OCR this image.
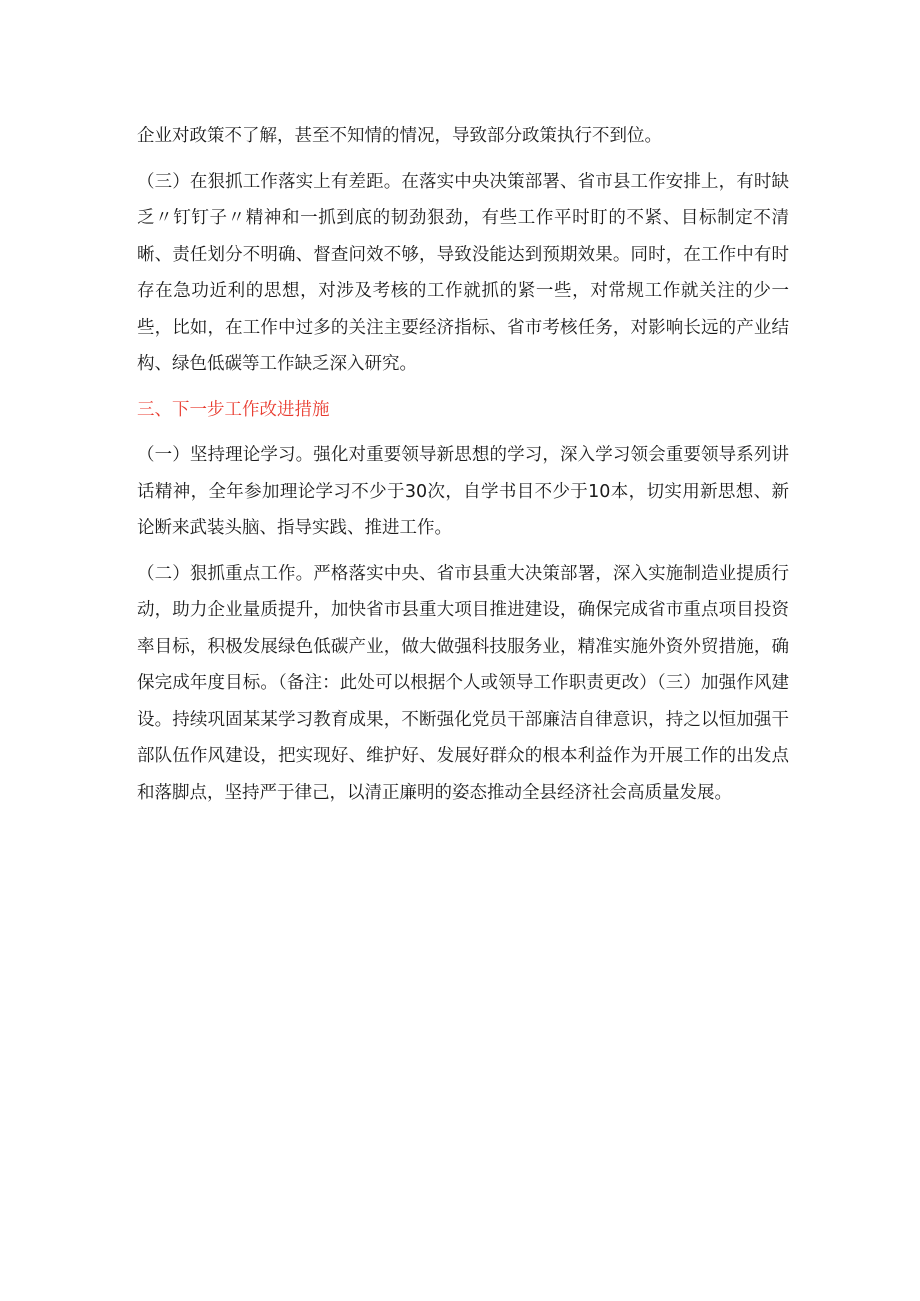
企业对政策不了解，甚至不知情的情况，导致部分政策执行不到位。

（三）在狠抓工作落实上有差距。在落实中央决策部署、省市县工作安排上，有时缺乏〃钉钉子〃精神和一抓到底的韧劲狠劲，有些工作平时盯的不紧、目标制定不清晰、责任划分不明确、督查问效不够，导致没能达到预期效果。同时，在工作中有时存在急功近利的思想，对涉及考核的工作就抓的紧一些，对常规工作就关注的少一些，比如，在工作中过多的关注主要经济指标、省市考核任务，对影响长远的产业结构、绿色低碳等工作缺乏深入研究。

三、下一步工作改进措施

（一）坚持理论学习。强化对重要领导新思想的学习，深入学习领会重要领导系列讲话精神，全年参加理论学习不少于30次，自学书目不少于10本，切实用新思想、新论断来武装头脑、指导实践、推进工作。

（二）狠抓重点工作。严格落实中央、省市县重大决策部署，深入实施制造业提质行动，助力企业量质提升，加快省市县重大项目推进建设，确保完成省市重点项目投资率目标，积极发展绿色低碳产业，做大做强科技服务业，精准实施外资外贸措施，确保完成年度目标。（备注：此处可以根据个人或领导工作职责更改）（三）加强作风建设。持续巩固某某学习教育成果，不断强化党员干部廉洁自律意识，持之以恒加强干部队伍作风建设，把实现好、维护好、发展好群众的根本利益作为开展工作的出发点和落脚点，坚持严于律己，以清正廉明的姿态推动全县经济社会高质量发展。
